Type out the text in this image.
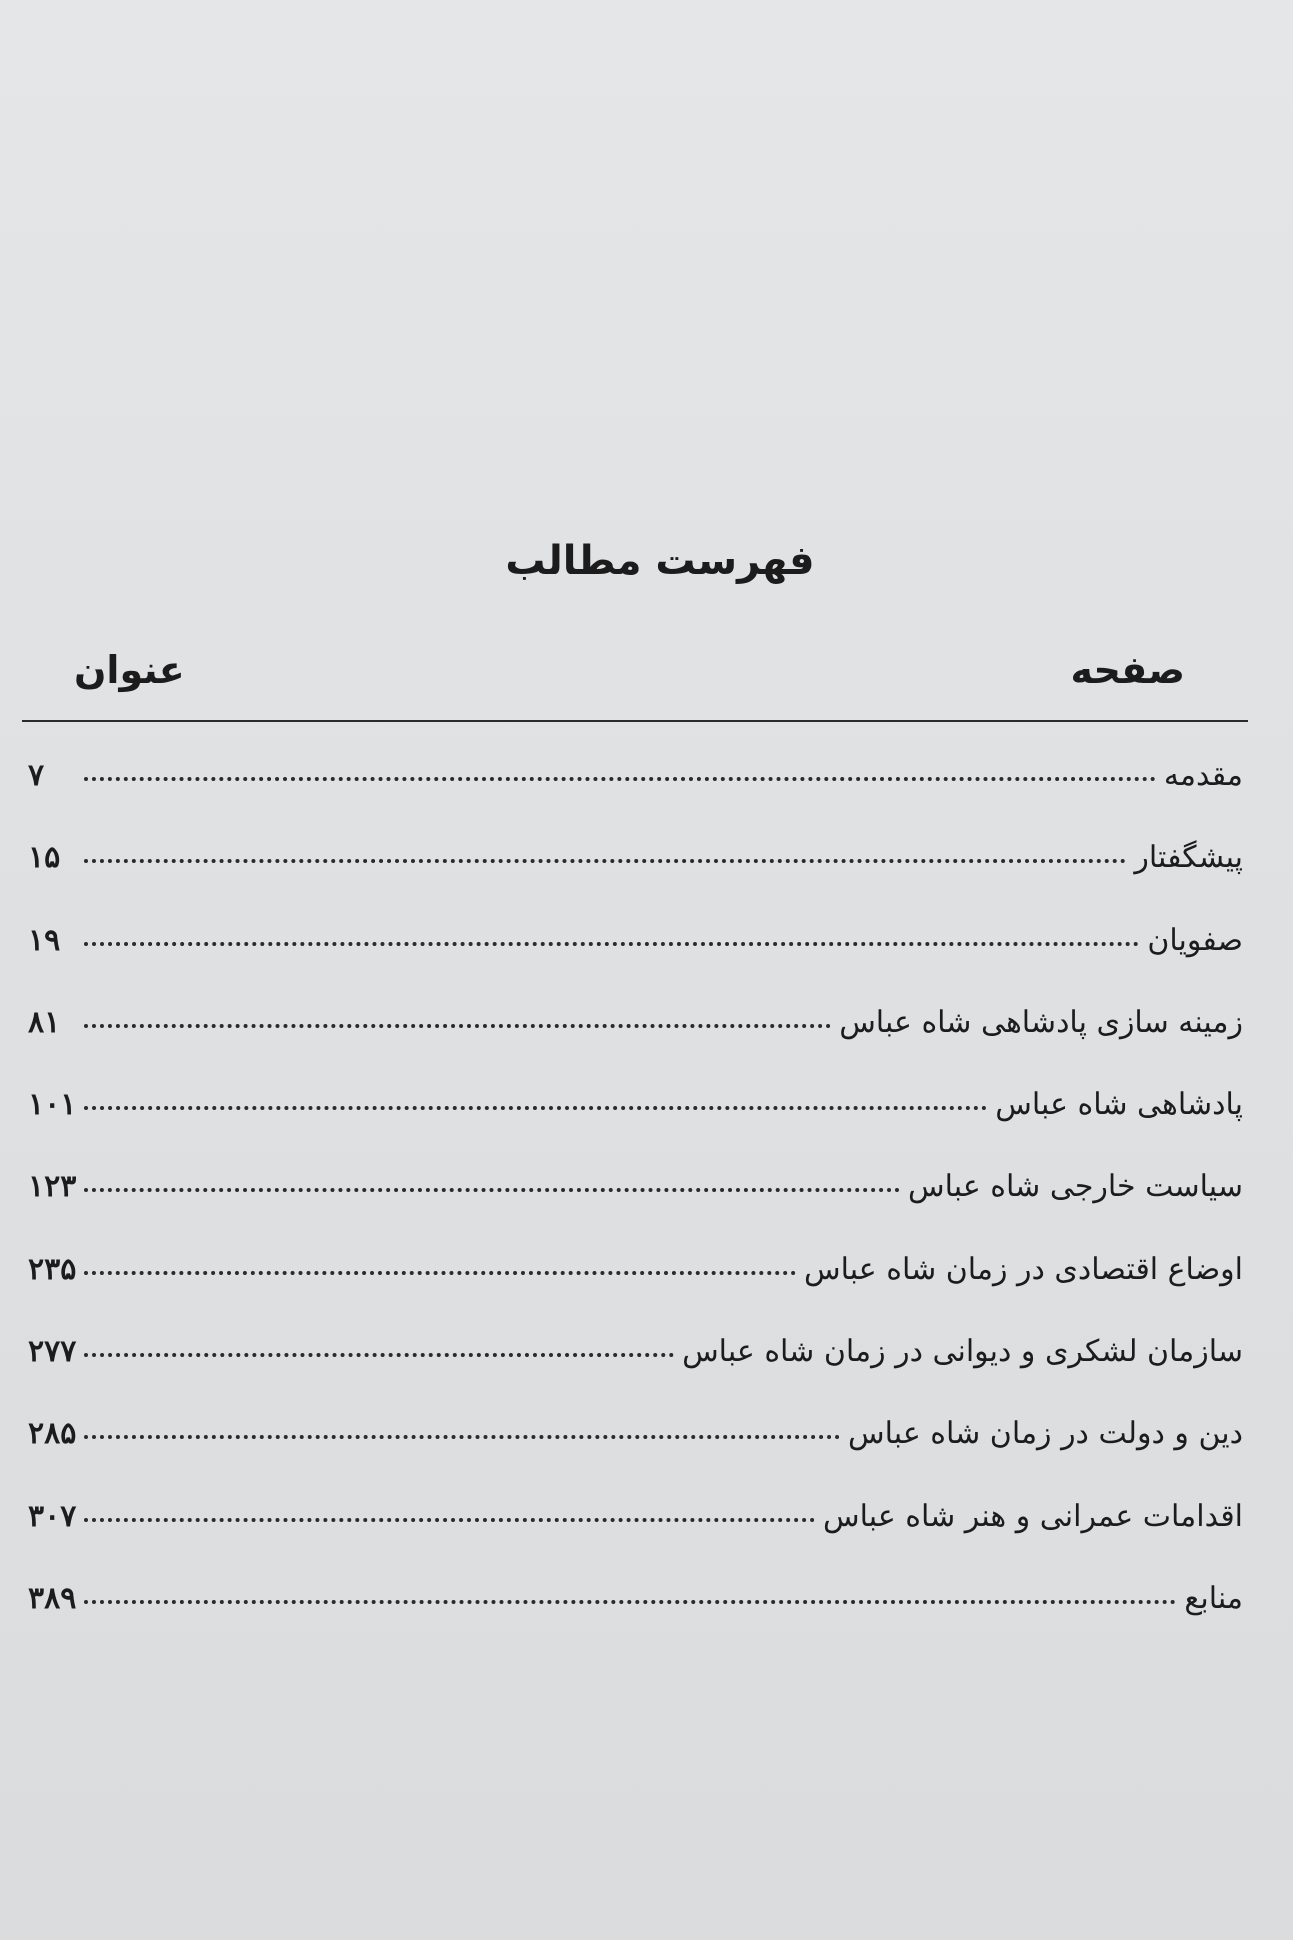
فهرست مطالب
عنوان	صفحه
مقدمه
۷
پیشگفتار
۱۵
صفویان
۱۹
زمینه سازی پادشاهی شاه عباس
۸۱
پادشاهی شاه عباس
۱۰۱
سیاست خارجی شاه عباس
۱۲۳
اوضاع اقتصادی در زمان شاه عباس
۲۳۵
سازمان لشکری و دیوانی در زمان شاه عباس
۲۷۷
دین و دولت در زمان شاه عباس
۲۸۵
اقدامات عمرانی و هنر شاه عباس
۳۰۷
منابع
۳۸۹
